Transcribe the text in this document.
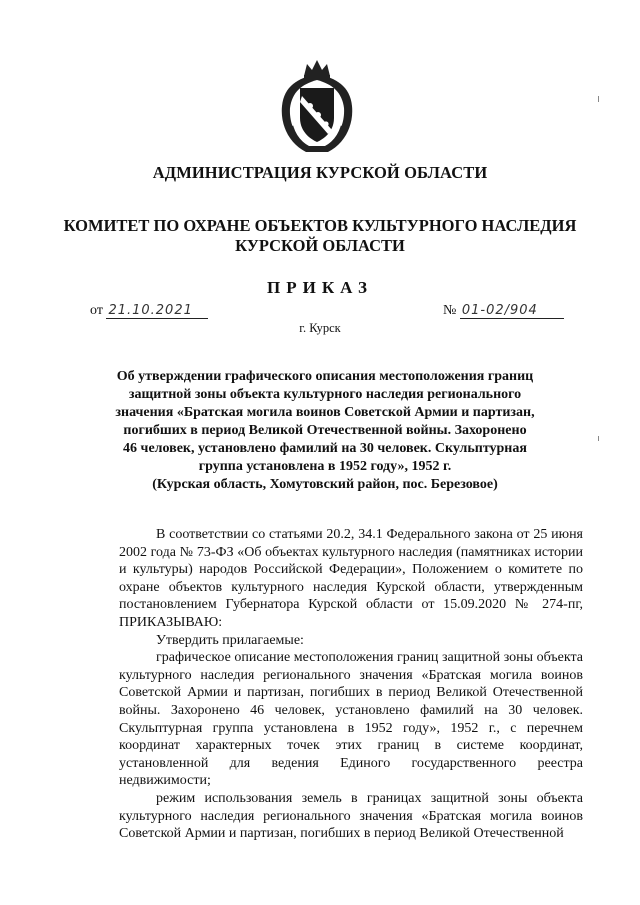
АДМИНИСТРАЦИЯ КУРСКОЙ ОБЛАСТИ
КОМИТЕТ ПО ОХРАНЕ ОБЪЕКТОВ КУЛЬТУРНОГО НАСЛЕДИЯ
КУРСКОЙ ОБЛАСТИ
ПРИКАЗ
от 21.10.2021	№ 01-02/904
г. Курск
Об утверждении графического описания местоположения границ
защитной зоны объекта культурного наследия регионального
значения «Братская могила воинов Советской Армии и партизан,
погибших в период Великой Отечественной войны. Захоронено
46 человек, установлено фамилий на 30 человек. Скульптурная
группа установлена в 1952 году», 1952 г.
(Курская область, Хомутовский район, пос. Березовое)

В соответствии со статьями 20.2, 34.1 Федерального закона от 25 июня 2002 года № 73-ФЗ «Об объектах культурного наследия (памятниках истории и культуры) народов Российской Федерации», Положением о комитете по охране объектов культурного наследия Курской области, утвержденным постановлением Губернатора Курской области от 15.09.2020 № 274-пг, ПРИКАЗЫВАЮ:

Утвердить прилагаемые:

графическое описание местоположения границ защитной зоны объекта культурного наследия регионального значения «Братская могила воинов Советской Армии и партизан, погибших в период Великой Отечественной войны. Захоронено 46 человек, установлено фамилий на 30 человек. Скульптурная группа установлена в 1952 году», 1952 г., с перечнем координат характерных точек этих границ в системе координат, установленной для ведения Единого государственного реестра недвижимости;

режим использования земель в границах защитной зоны объекта культурного наследия регионального значения «Братская могила воинов Советской Армии и партизан, погибших в период Великой Отечественной
